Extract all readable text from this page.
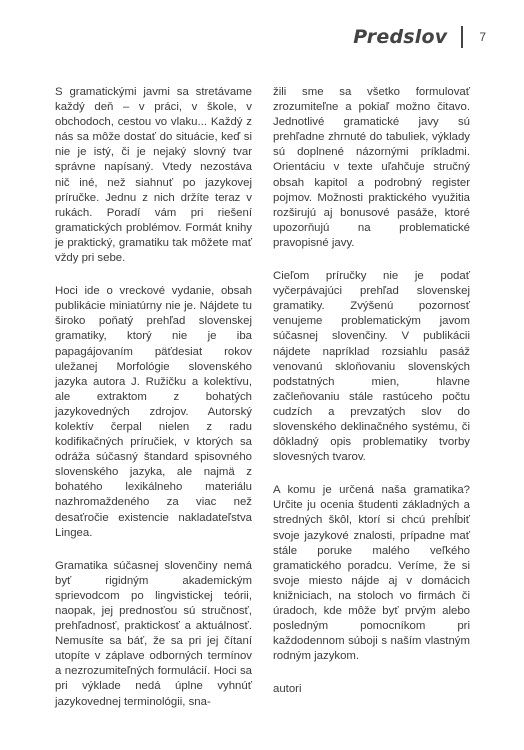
Predslov	7

S gramatickými javmi sa stretávame každý deň – v práci, v škole, v obchodoch, cestou vo vlaku... Každý z nás sa môže dostať do situácie, keď si nie je istý, či je nejaký slovný tvar správne napísaný. Vtedy nezostáva nič iné, než siahnuť po jazykovej príručke. Jednu z nich držíte teraz v rukách. Poradí vám pri riešení gramatických problémov. Formát knihy je praktický, gramatiku tak môžete mať vždy pri sebe.

Hoci ide o vreckové vydanie, obsah publikácie miniatúrny nie je. Nájdete tu široko poňatý prehľad slovenskej gramatiky, ktorý nie je iba papagájovaním päťdesiat rokov uležanej Morfológie slovenského jazyka autora J. Ružičku a kolektívu, ale extraktom z bohatých jazykovedných zdrojov. Autorský kolektív čerpal nielen z radu kodifikačných príručiek, v ktorých sa odráža súčasný štandard spisovného slovenského jazyka, ale najmä z bohatého lexikálneho materiálu nazhromaždeného za viac než desaťročie existencie nakladateľstva Lingea.

Gramatika súčasnej slovenčiny nemá byť rigidným akademickým sprievodcom po lingvistickej teórii, naopak, jej prednosťou sú stručnosť, prehľadnosť, praktickosť a aktuálnosť. Nemusíte sa báť, že sa pri jej čítaní utopíte v záplave odborných termínov a nezrozumiteľných formulácií. Hoci sa pri výklade nedá úplne vyhnúť jazykovednej terminológii, sna-

žili sme sa všetko formulovať zrozumiteľne a pokiaľ možno čitavo. Jednotlivé gramatické javy sú prehľadne zhrnuté do tabuliek, výklady sú doplnené názornými príkladmi. Orientáciu v texte uľahčuje stručný obsah kapitol a podrobný register pojmov. Možnosti praktického využitia rozširujú aj bonusové pasáže, ktoré upozorňujú na problematické pravopisné javy.

Cieľom príručky nie je podať vyčerpávajúci prehľad slovenskej gramatiky. Zvýšenú pozornosť venujeme problematickým javom súčasnej slovenčiny. V publikácii nájdete napríklad rozsiahlu pasáž venovanú skloňovaniu slovenských podstatných mien, hlavne začleňovaniu stále rastúceho počtu cudzích a prevzatých slov do slovenského deklinačného systému, či dôkladný opis problematiky tvorby slovesných tvarov.

A komu je určená naša gramatika? Určite ju ocenia študenti základných a stredných škôl, ktorí si chcú prehĺbiť svoje jazykové znalosti, prípadne mať stále poruke malého veľkého gramatického poradcu. Veríme, že si svoje miesto nájde aj v domácich knižniciach, na stoloch vo firmách či úradoch, kde môže byť prvým alebo posledným pomocníkom pri každodennom súboji s naším vlastným rodným jazykom.

autori
